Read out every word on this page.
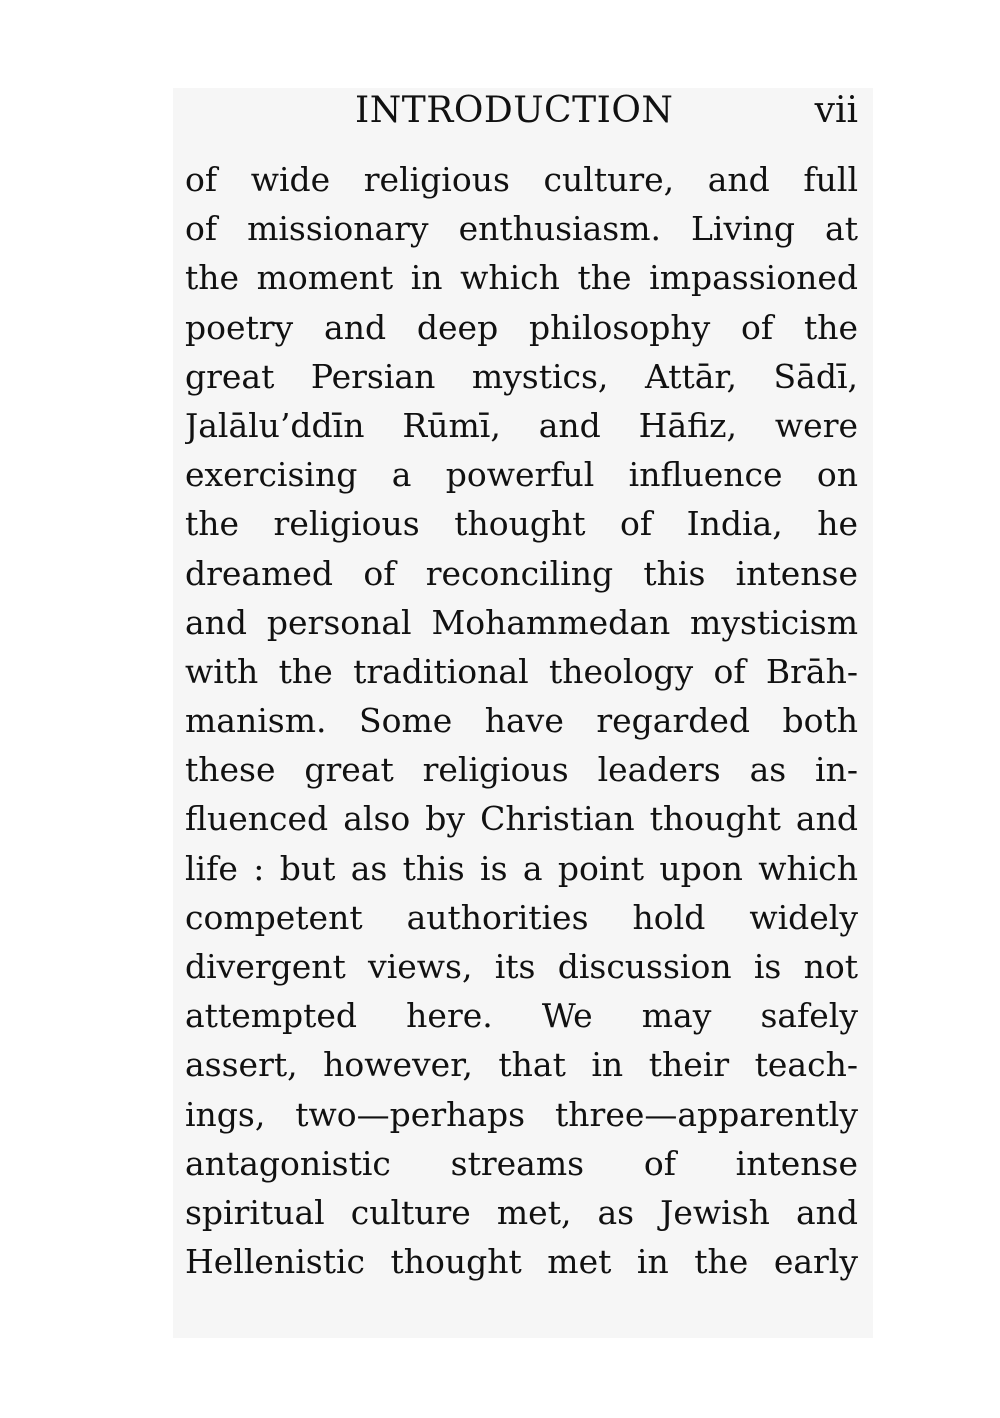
INTRODUCTION	vii
of wide religious culture, and full
of missionary enthusiasm. Living at
the moment in which the impassioned
poetry and deep philosophy of the
great Persian mystics, Attār, Sādī,
Jalālu’ddīn Rūmī, and Hāfiz, were
exercising a powerful influence on
the religious thought of India, he
dreamed of reconciling this intense
and personal Mohammedan mysticism
with the traditional theology of Brāh-
manism. Some have regarded both
these great religious leaders as in-
fluenced also by Christian thought and
life : but as this is a point upon which
competent authorities hold widely
divergent views, its discussion is not
attempted here. We may safely
assert, however, that in their teach-
ings, two—perhaps three—apparently
antagonistic streams of intense
spiritual culture met, as Jewish and
Hellenistic thought met in the early
